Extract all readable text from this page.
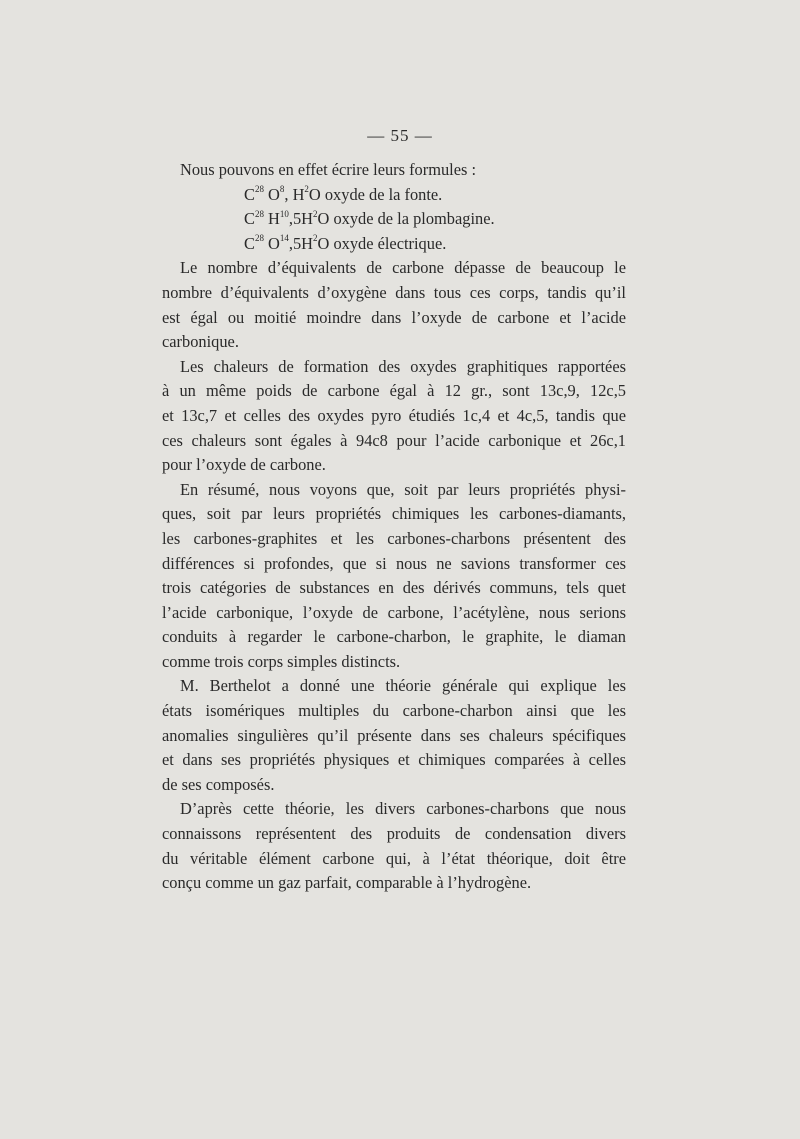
— 55 —
Nous pouvons en effet écrire leurs formules :
$C^{28}$ $O^8$, $H^2O$ oxyde de la fonte.
$C^{28}$ $H^{10},5H^2O$ oxyde de la plombagine.
$C^{28}$ $O^{14},5H^2O$ oxyde électrique.
Le nombre d’équivalents de carbone dépasse de beaucoup le
nombre d’équivalents d’oxygène dans tous ces corps, tandis qu’il
est égal ou moitié moindre dans l’oxyde de carbone et l’acide
carbonique.
Les chaleurs de formation des oxydes graphitiques rapportées
à un même poids de carbone égal à 12 gr., sont 13c,9, 12c,5
et 13c,7 et celles des oxydes pyro étudiés 1c,4 et 4c,5, tandis que
ces chaleurs sont égales à 94c8 pour l’acide carbonique et 26c,1
pour l’oxyde de carbone.
En résumé, nous voyons que, soit par leurs propriétés physi-
ques, soit par leurs propriétés chimiques les carbones-diamants,
les carbones-graphites et les carbones-charbons présentent des
différences si profondes, que si nous ne savions transformer ces
trois catégories de substances en des dérivés communs, tels quet
l’acide carbonique, l’oxyde de carbone, l’acétylène, nous serions
conduits à regarder le carbone-charbon, le graphite, le diaman
comme trois corps simples distincts.
M. Berthelot a donné une théorie générale qui explique les
états isomériques multiples du carbone-charbon ainsi que les
anomalies singulières qu’il présente dans ses chaleurs spécifiques
et dans ses propriétés physiques et chimiques comparées à celles
de ses composés.
D’après cette théorie, les divers carbones-charbons que nous
connaissons représentent des produits de condensation divers
du véritable élément carbone qui, à l’état théorique, doit être
conçu comme un gaz parfait, comparable à l’hydrogène.
